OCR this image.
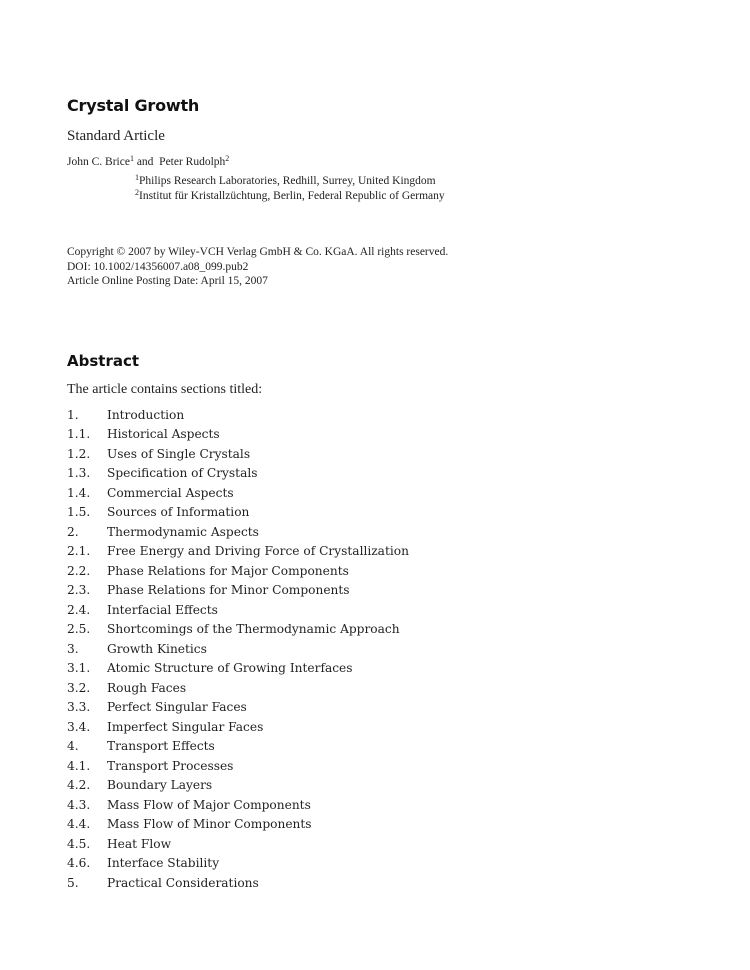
Crystal Growth
Standard Article
John C. Brice$^1$ and  Peter Rudolph$^2$
$^1$Philips Research Laboratories, Redhill, Surrey, United Kingdom
$^2$Institut für Kristallzüchtung, Berlin, Federal Republic of Germany
Copyright © 2007 by Wiley-VCH Verlag GmbH & Co. KGaA. All rights reserved.
DOI: 10.1002/14356007.a08_099.pub2
Article Online Posting Date: April 15, 2007
Abstract
The article contains sections titled:
1.	Introduction
1.1.	Historical Aspects
1.2.	Uses of Single Crystals
1.3.	Specification of Crystals
1.4.	Commercial Aspects
1.5.	Sources of Information
2.	Thermodynamic Aspects
2.1.	Free Energy and Driving Force of Crystallization
2.2.	Phase Relations for Major Components
2.3.	Phase Relations for Minor Components
2.4.	Interfacial Effects
2.5.	Shortcomings of the Thermodynamic Approach
3.	Growth Kinetics
3.1.	Atomic Structure of Growing Interfaces
3.2.	Rough Faces
3.3.	Perfect Singular Faces
3.4.	Imperfect Singular Faces
4.	Transport Effects
4.1.	Transport Processes
4.2.	Boundary Layers
4.3.	Mass Flow of Major Components
4.4.	Mass Flow of Minor Components
4.5.	Heat Flow
4.6.	Interface Stability
5.	Practical Considerations
